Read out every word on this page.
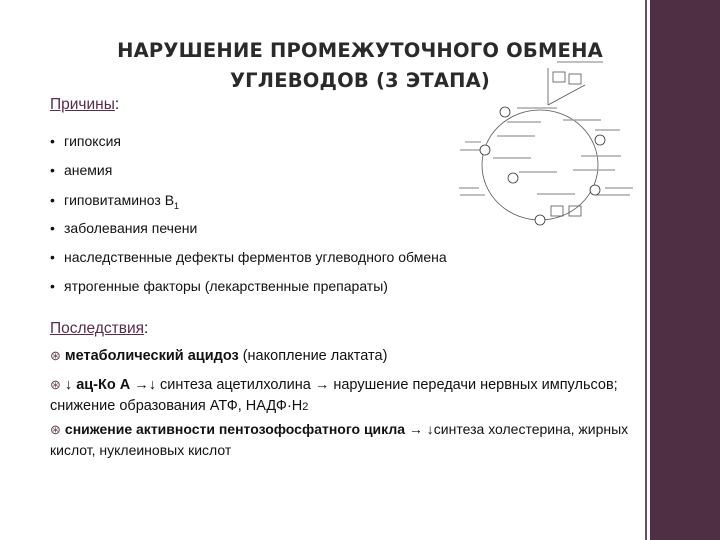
НАРУШЕНИЕ ПРОМЕЖУТОЧНОГО ОБМЕНА
УГЛЕВОДОВ (3 ЭТАПА)
Причины:
• гипоксия
• анемия
• гиповитаминоз $В_1$
• заболевания печени
• наследственные дефекты ферментов углеводного обмена
• ятрогенные факторы (лекарственные препараты)
Последствия:
⊛ метаболический ацидоз (накопление лактата)
⊛ ↓ ац-Ко А →↓ синтеза ацетилхолина → нарушение передачи нервных импульсов; снижение образования АТФ, НАДФ·Н2
⊛ снижение активности пентозофосфатного цикла → ↓синтеза холестерина, жирных кислот, нуклеиновых кислот
